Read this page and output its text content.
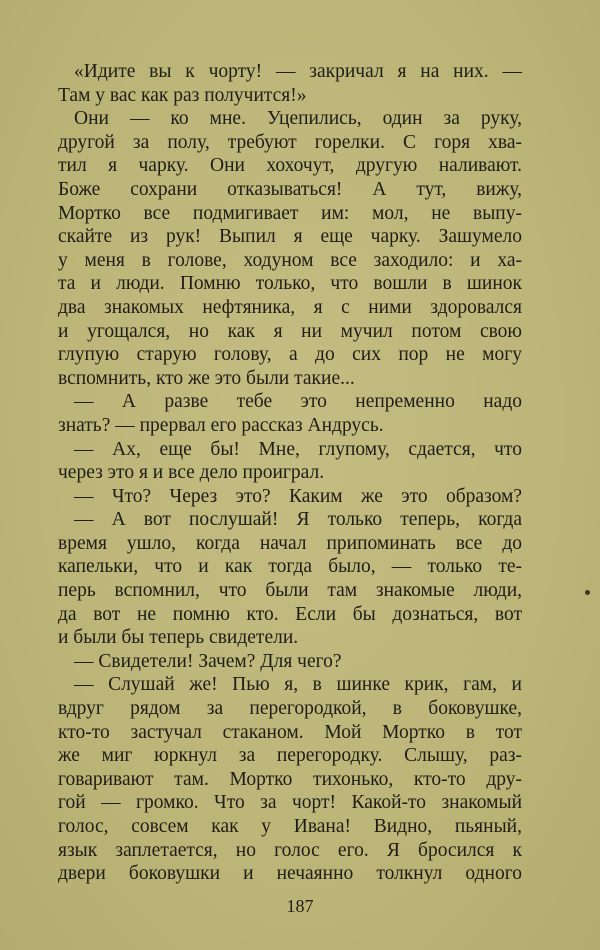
«Идите вы к чорту! — закричал я на них. —
Там у вас как раз получится!»
Они — ко мне. Уцепились, один за руку,
другой за полу, требуют горелки. С горя хва-
тил я чарку. Они хохочут, другую наливают.
Боже сохрани отказываться! А тут, вижу,
Мортко все подмигивает им: мол, не выпу-
скайте из рук! Выпил я еще чарку. Зашумело
у меня в голове, ходуном все заходило: и ха-
та и люди. Помню только, что вошли в шинок
два знакомых нефтяника, я с ними здоровался
и угощался, но как я ни мучил потом свою
глупую старую голову, а до сих пор не могу
вспомнить, кто же это были такие...
— А разве тебе это непременно надо
знать? — прервал его рассказ Андрусь.
— Ах, еще бы! Мне, глупому, сдается, что
через это я и все дело проиграл.
— Что? Через это? Каким же это образом?
— А вот послушай! Я только теперь, когда
время ушло, когда начал припоминать все до
капельки, что и как тогда было, — только те-
перь вспомнил, что были там знакомые люди,
да вот не помню кто. Если бы дознаться, вот
и были бы теперь свидетели.
— Свидетели! Зачем? Для чего?
— Слушай же! Пью я, в шинке крик, гам, и
вдруг рядом за перегородкой, в боковушке,
кто-то застучал стаканом. Мой Мортко в тот
же миг юркнул за перегородку. Слышу, раз-
говаривают там. Мортко тихонько, кто-то дру-
гой — громко. Что за чорт! Какой-то знакомый
голос, совсем как у Ивана! Видно, пьяный,
язык заплетается, но голос его. Я бросился к
двери боковушки и нечаянно толкнул одного
187
